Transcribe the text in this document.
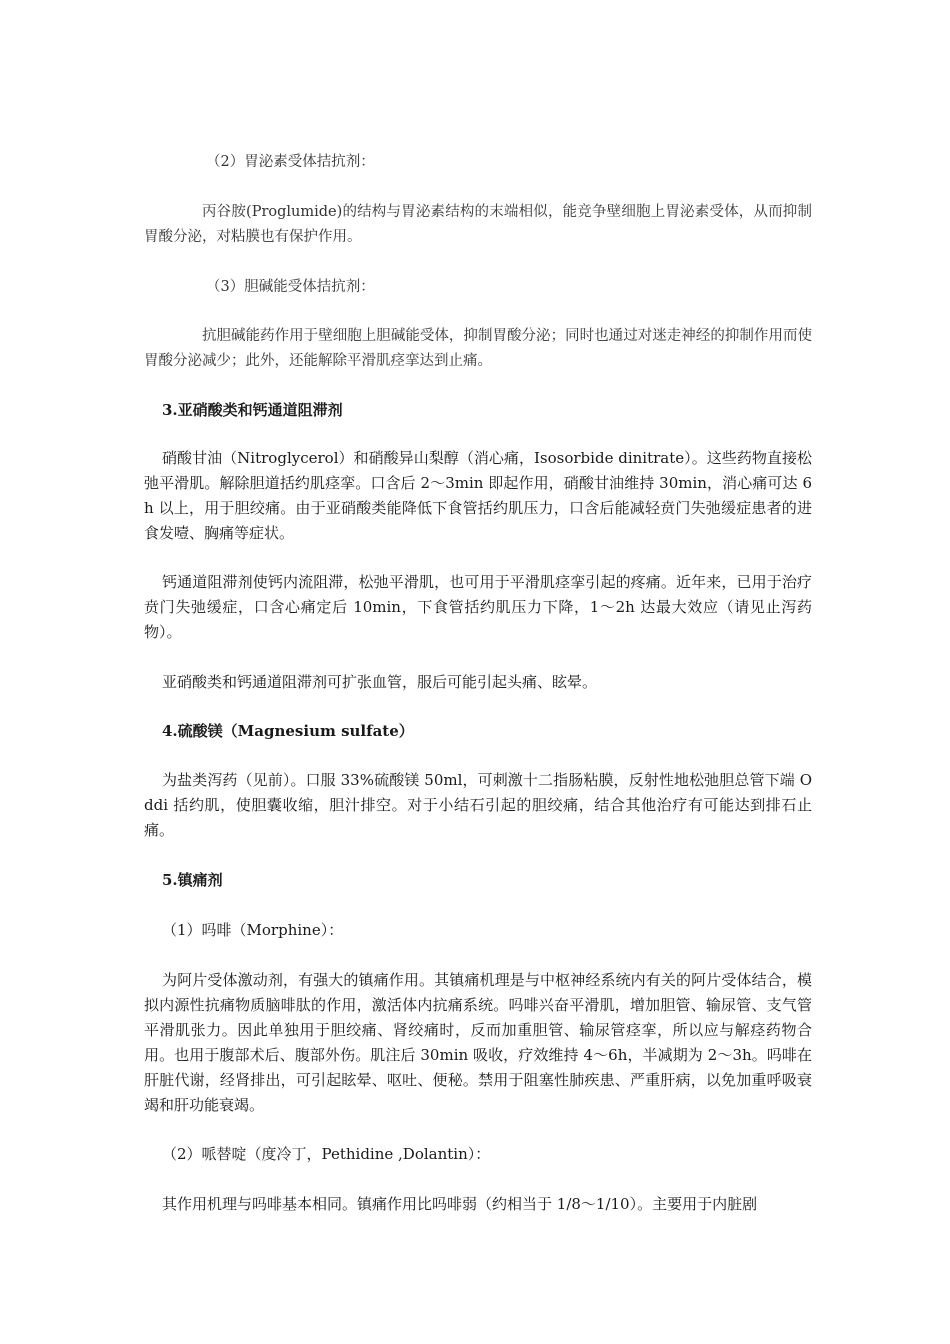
（2）胃泌素受体拮抗剂：

丙谷胺(Proglumide)的结构与胃泌素结构的末端相似，能竞争壁细胞上胃泌素受体，从而抑制胃酸分泌，对粘膜也有保护作用。

（3）胆碱能受体拮抗剂：

抗胆碱能药作用于壁细胞上胆碱能受体，抑制胃酸分泌；同时也通过对迷走神经的抑制作用而使胃酸分泌减少；此外，还能解除平滑肌痉挛达到止痛。

3.亚硝酸类和钙通道阻滞剂

硝酸甘油（Nitroglycerol）和硝酸异山梨醇（消心痛，Isosorbide dinitrate）。这些药物直接松弛平滑肌。解除胆道括约肌痉挛。口含后 2～3min 即起作用，硝酸甘油维持 30min，消心痛可达 6h 以上，用于胆绞痛。由于亚硝酸类能降低下食管括约肌压力，口含后能减轻贲门失弛缓症患者的进食发噎、胸痛等症状。

钙通道阻滞剂使钙内流阻滞，松弛平滑肌，也可用于平滑肌痉挛引起的疼痛。近年来，已用于治疗贲门失弛缓症，口含心痛定后 10min，下食管括约肌压力下降，1～2h 达最大效应（请见止泻药物）。

亚硝酸类和钙通道阻滞剂可扩张血管，服后可能引起头痛、眩晕。

4.硫酸镁（Magnesium sulfate）

为盐类泻药（见前）。口服 33%硫酸镁 50ml，可刺激十二指肠粘膜，反射性地松弛胆总管下端 Oddi 括约肌，使胆囊收缩，胆汁排空。对于小结石引起的胆绞痛，结合其他治疗有可能达到排石止痛。

5.镇痛剂

（1）吗啡（Morphine）：

为阿片受体激动剂，有强大的镇痛作用。其镇痛机理是与中枢神经系统内有关的阿片受体结合，模拟内源性抗痛物质脑啡肽的作用，激活体内抗痛系统。吗啡兴奋平滑肌，增加胆管、输尿管、支气管平滑肌张力。因此单独用于胆绞痛、肾绞痛时，反而加重胆管、输尿管痉挛，所以应与解痉药物合用。也用于腹部术后、腹部外伤。肌注后 30min 吸收，疗效维持 4～6h，半减期为 2～3h。吗啡在肝脏代谢，经肾排出，可引起眩晕、呕吐、便秘。禁用于阻塞性肺疾患、严重肝病，以免加重呼吸衰竭和肝功能衰竭。

（2）哌替啶（度冷丁，Pethidine ,Dolantin）：

其作用机理与吗啡基本相同。镇痛作用比吗啡弱（约相当于 1/8～1/10）。主要用于内脏剧
